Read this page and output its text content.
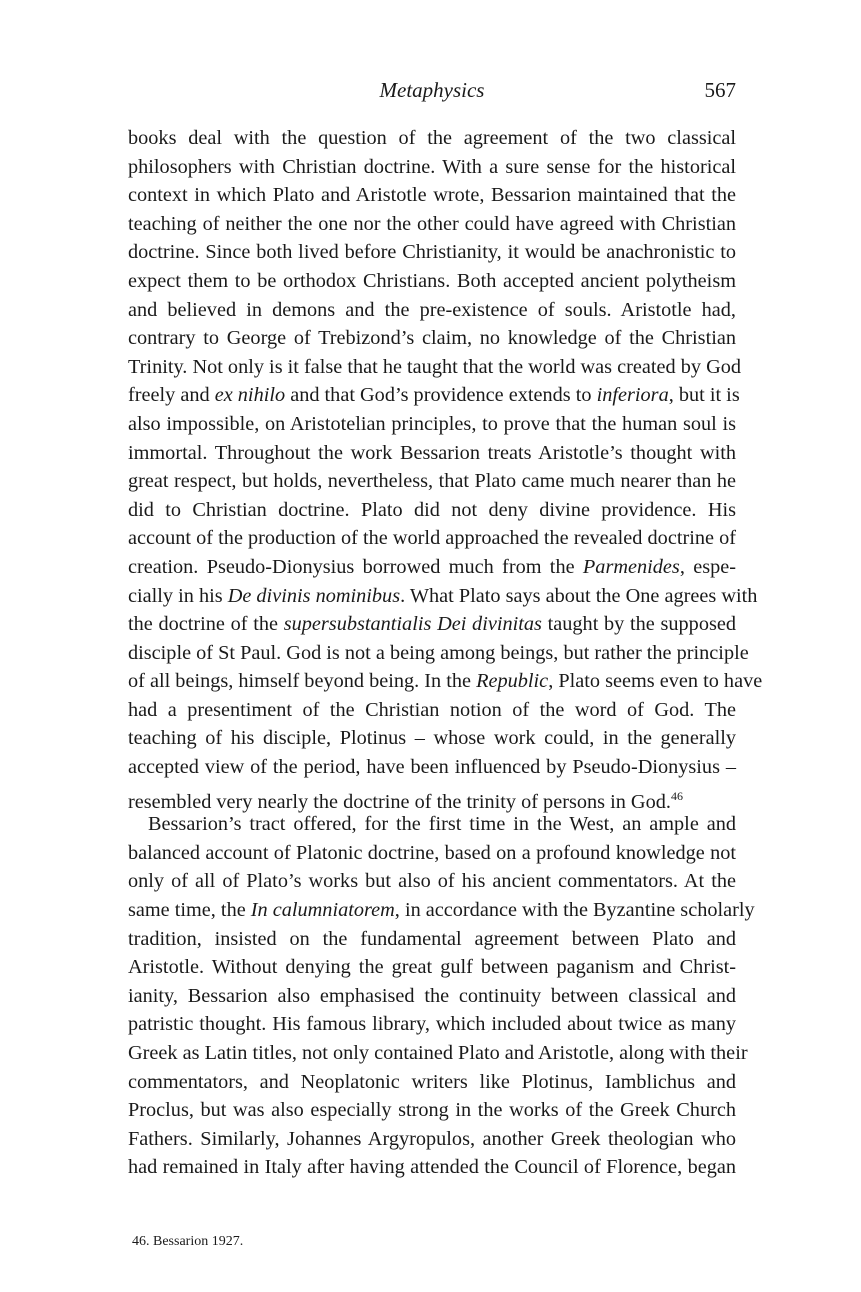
Metaphysics	567
books deal with the question of the agreement of the two classical
philosophers with Christian doctrine. With a sure sense for the historical
context in which Plato and Aristotle wrote, Bessarion maintained that the
teaching of neither the one nor the other could have agreed with Christian
doctrine. Since both lived before Christianity, it would be anachronistic to
expect them to be orthodox Christians. Both accepted ancient polytheism
and believed in demons and the pre-existence of souls. Aristotle had,
contrary to George of Trebizond’s claim, no knowledge of the Christian
Trinity. Not only is it false that he taught that the world was created by God
freely and ex nihilo and that God’s providence extends to inferiora, but it is
also impossible, on Aristotelian principles, to prove that the human soul is
immortal. Throughout the work Bessarion treats Aristotle’s thought with
great respect, but holds, nevertheless, that Plato came much nearer than he
did to Christian doctrine. Plato did not deny divine providence. His
account of the production of the world approached the revealed doctrine of
creation. Pseudo-Dionysius borrowed much from the Parmenides, espe-
cially in his De divinis nominibus. What Plato says about the One agrees with
the doctrine of the supersubstantialis Dei divinitas taught by the supposed
disciple of St Paul. God is not a being among beings, but rather the principle
of all beings, himself beyond being. In the Republic, Plato seems even to have
had a presentiment of the Christian notion of the word of God. The
teaching of his disciple, Plotinus – whose work could, in the generally
accepted view of the period, have been influenced by Pseudo-Dionysius –
resembled very nearly the doctrine of the trinity of persons in God.$^{46}$
Bessarion’s tract offered, for the first time in the West, an ample and
balanced account of Platonic doctrine, based on a profound knowledge not
only of all of Plato’s works but also of his ancient commentators. At the
same time, the In calumniatorem, in accordance with the Byzantine scholarly
tradition, insisted on the fundamental agreement between Plato and
Aristotle. Without denying the great gulf between paganism and Christ-
ianity, Bessarion also emphasised the continuity between classical and
patristic thought. His famous library, which included about twice as many
Greek as Latin titles, not only contained Plato and Aristotle, along with their
commentators, and Neoplatonic writers like Plotinus, Iamblichus and
Proclus, but was also especially strong in the works of the Greek Church
Fathers. Similarly, Johannes Argyropulos, another Greek theologian who
had remained in Italy after having attended the Council of Florence, began
46. Bessarion 1927.
